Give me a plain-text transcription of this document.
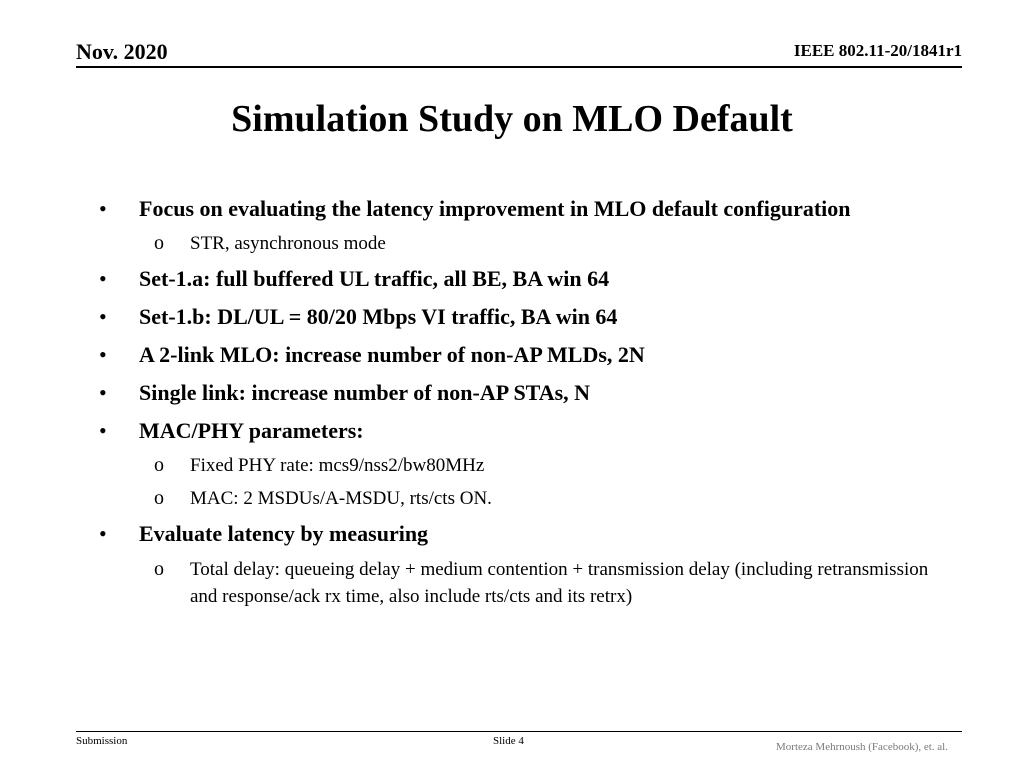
Nov. 2020	IEEE 802.11-20/1841r1
Simulation Study on MLO Default
• Focus on evaluating the latency improvement in MLO default configuration
o STR, asynchronous mode
• Set-1.a: full buffered UL traffic, all BE, BA win 64
• Set-1.b: DL/UL = 80/20 Mbps VI traffic, BA win 64
• A 2-link MLO: increase number of non-AP MLDs, 2N
• Single link: increase number of non-AP STAs, N
• MAC/PHY parameters:
o Fixed PHY rate: mcs9/nss2/bw80MHz
o MAC: 2 MSDUs/A-MSDU, rts/cts ON.
• Evaluate latency by measuring
o Total delay: queueing delay + medium contention + transmission delay (including retransmission and response/ack rx time, also include rts/cts and its retrx)
Submission	Slide 4	Morteza Mehrnoush (Facebook), et. al.
